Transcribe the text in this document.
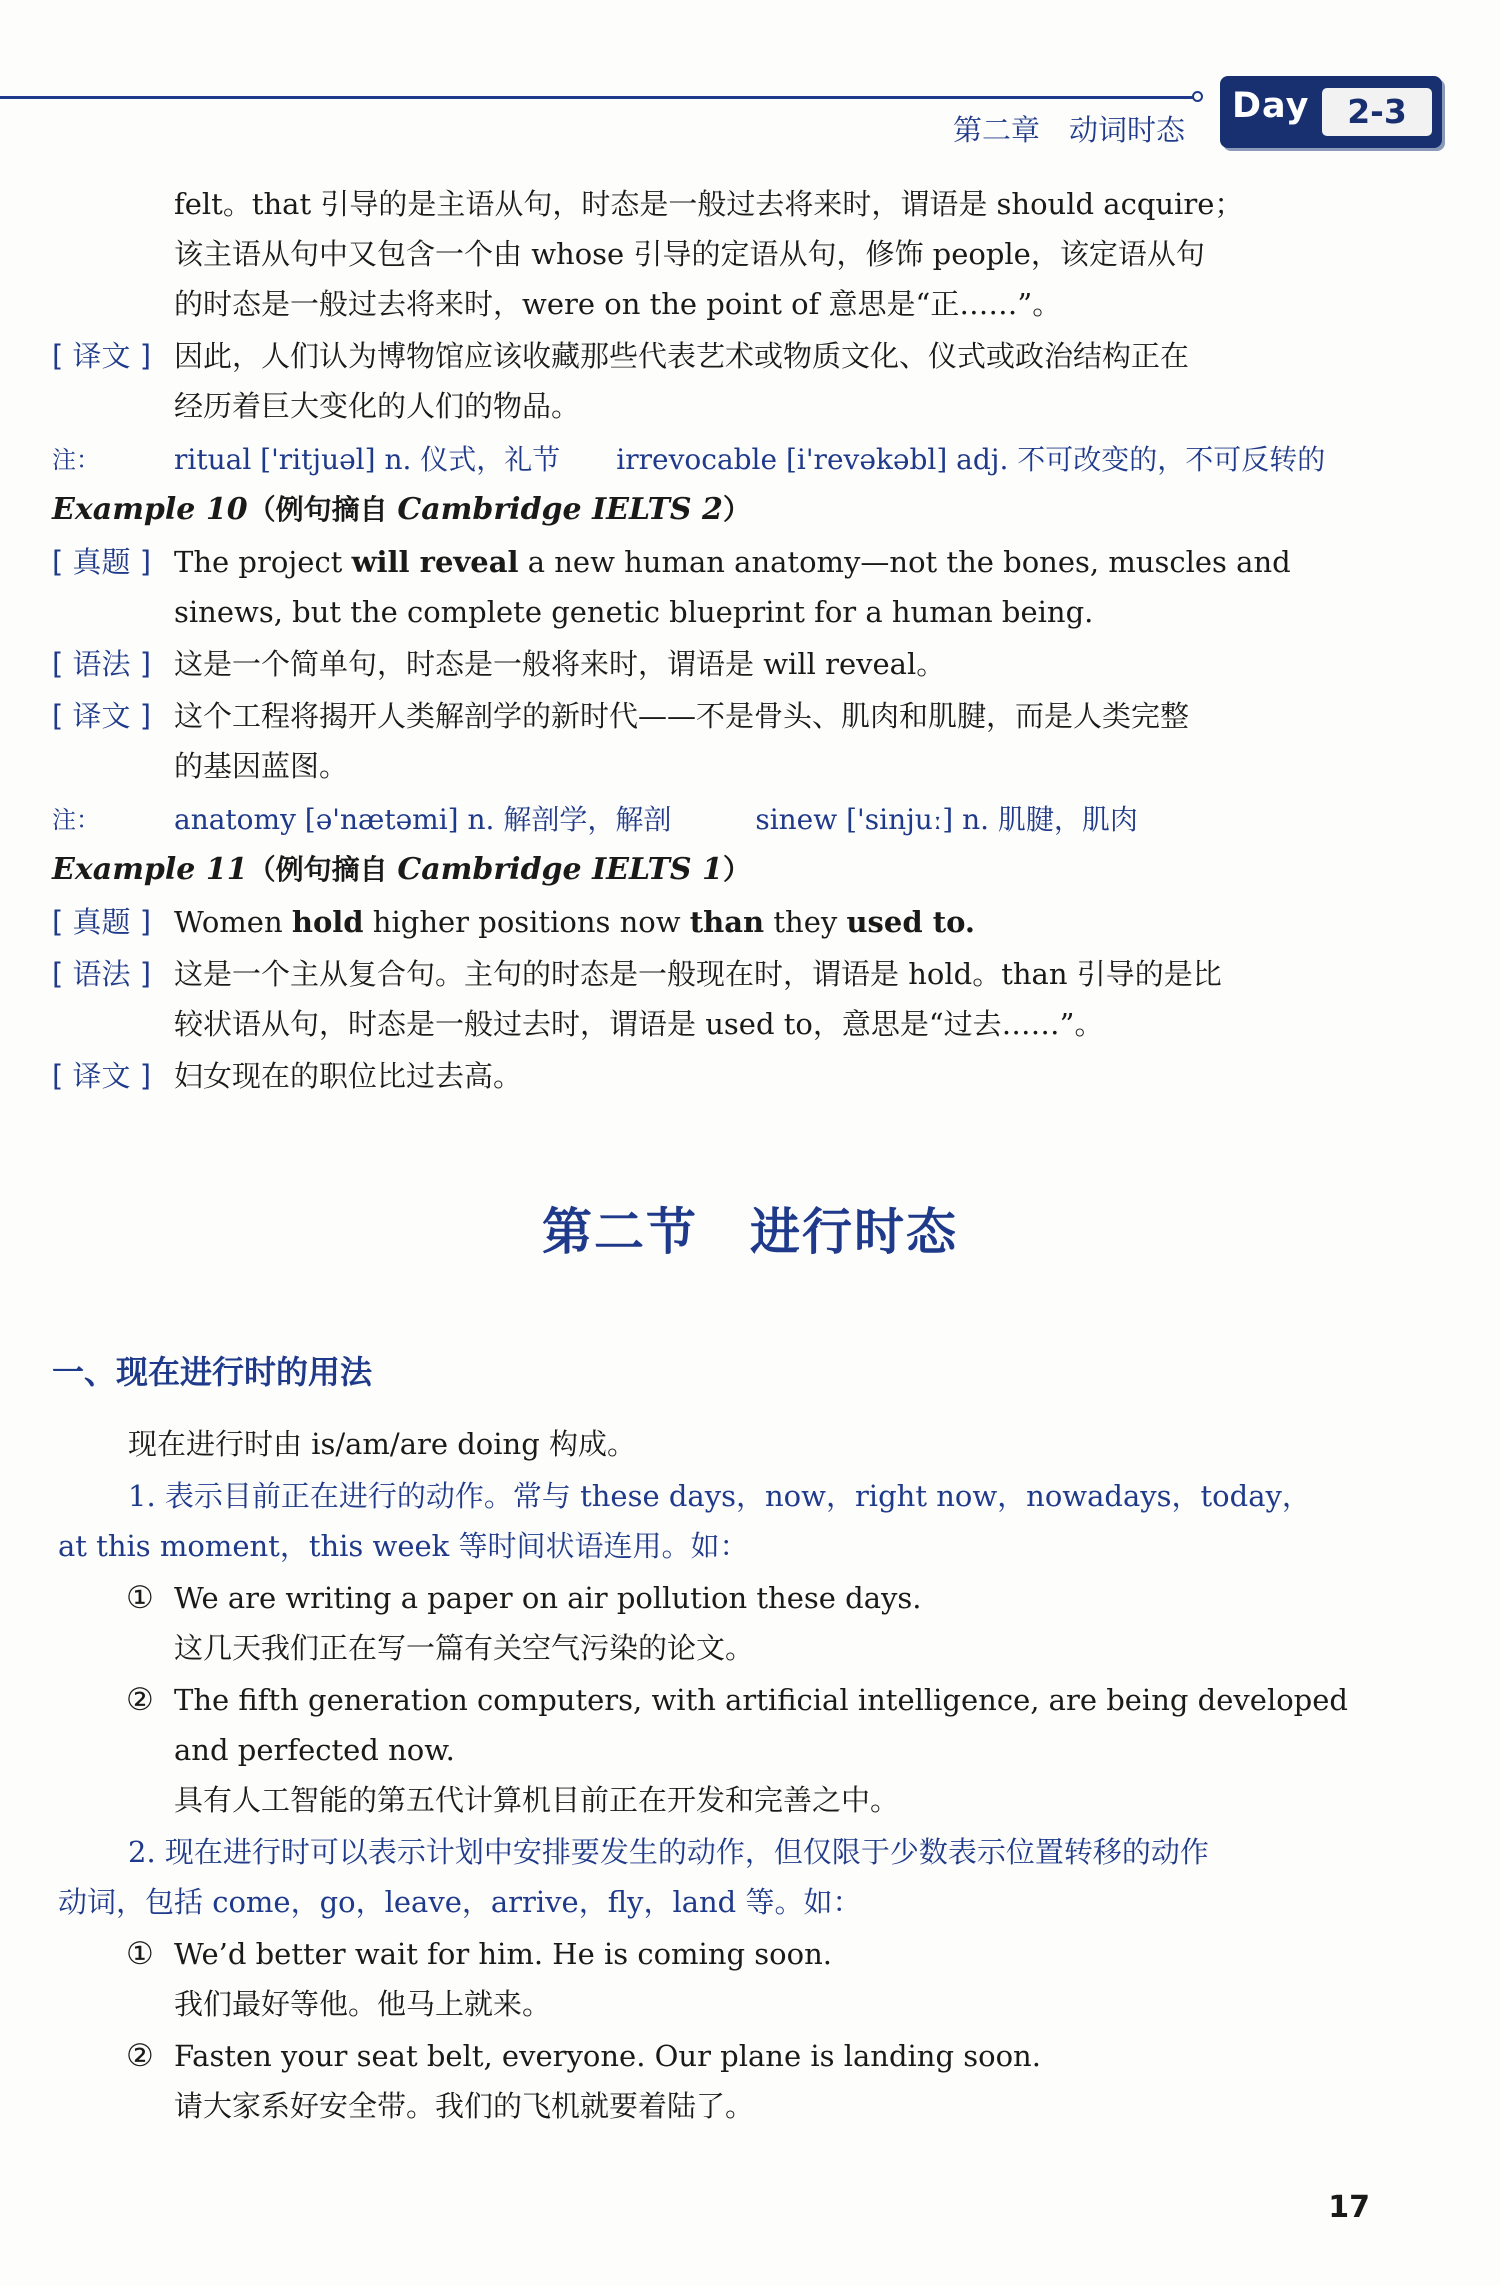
第二章　动词时态
Day	2-3
felt。that 引导的是主语从句，时态是一般过去将来时，谓语是 should acquire；
该主语从句中又包含一个由 whose 引导的定语从句，修饰 people，该定语从句
的时态是一般过去将来时，were on the point of 意思是“正……”。
[ 译文 ] 因此，人们认为博物馆应该收藏那些代表艺术或物质文化、仪式或政治结构正在
经历着巨大变化的人们的物品。
注：	ritual ['ritjuəl] n. 仪式，礼节　　irrevocable [i'revəkəbl] adj. 不可改变的，不可反转的
Example 10（例句摘自 Cambridge IELTS 2）
[ 真题 ] The project will reveal a new human anatomy—not the bones, muscles and
sinews, but the complete genetic blueprint for a human being.
[ 语法 ] 这是一个简单句，时态是一般将来时，谓语是 will reveal。
[ 译文 ] 这个工程将揭开人类解剖学的新时代——不是骨头、肌肉和肌腱，而是人类完整
的基因蓝图。
注：	anatomy [ə'nætəmi] n. 解剖学，解剖　　　sinew ['sinjuː] n. 肌腱，肌肉
Example 11（例句摘自 Cambridge IELTS 1）
[ 真题 ] Women hold higher positions now than they used to.
[ 语法 ] 这是一个主从复合句。主句的时态是一般现在时，谓语是 hold。than 引导的是比
较状语从句，时态是一般过去时，谓语是 used to，意思是“过去……”。
[ 译文 ] 妇女现在的职位比过去高。
第二节　进行时态
一、现在进行时的用法
现在进行时由 is/am/are doing 构成。
1. 表示目前正在进行的动作。常与 these days，now，right now，nowadays，today，
at this moment，this week 等时间状语连用。如：
① We are writing a paper on air pollution these days.
这几天我们正在写一篇有关空气污染的论文。
② The fifth generation computers, with artificial intelligence, are being developed
and perfected now.
具有人工智能的第五代计算机目前正在开发和完善之中。
2. 现在进行时可以表示计划中安排要发生的动作，但仅限于少数表示位置转移的动作
动词，包括 come，go，leave，arrive，fly，land 等。如：
① We’d better wait for him. He is coming soon.
我们最好等他。他马上就来。
② Fasten your seat belt, everyone. Our plane is landing soon.
请大家系好安全带。我们的飞机就要着陆了。
17
